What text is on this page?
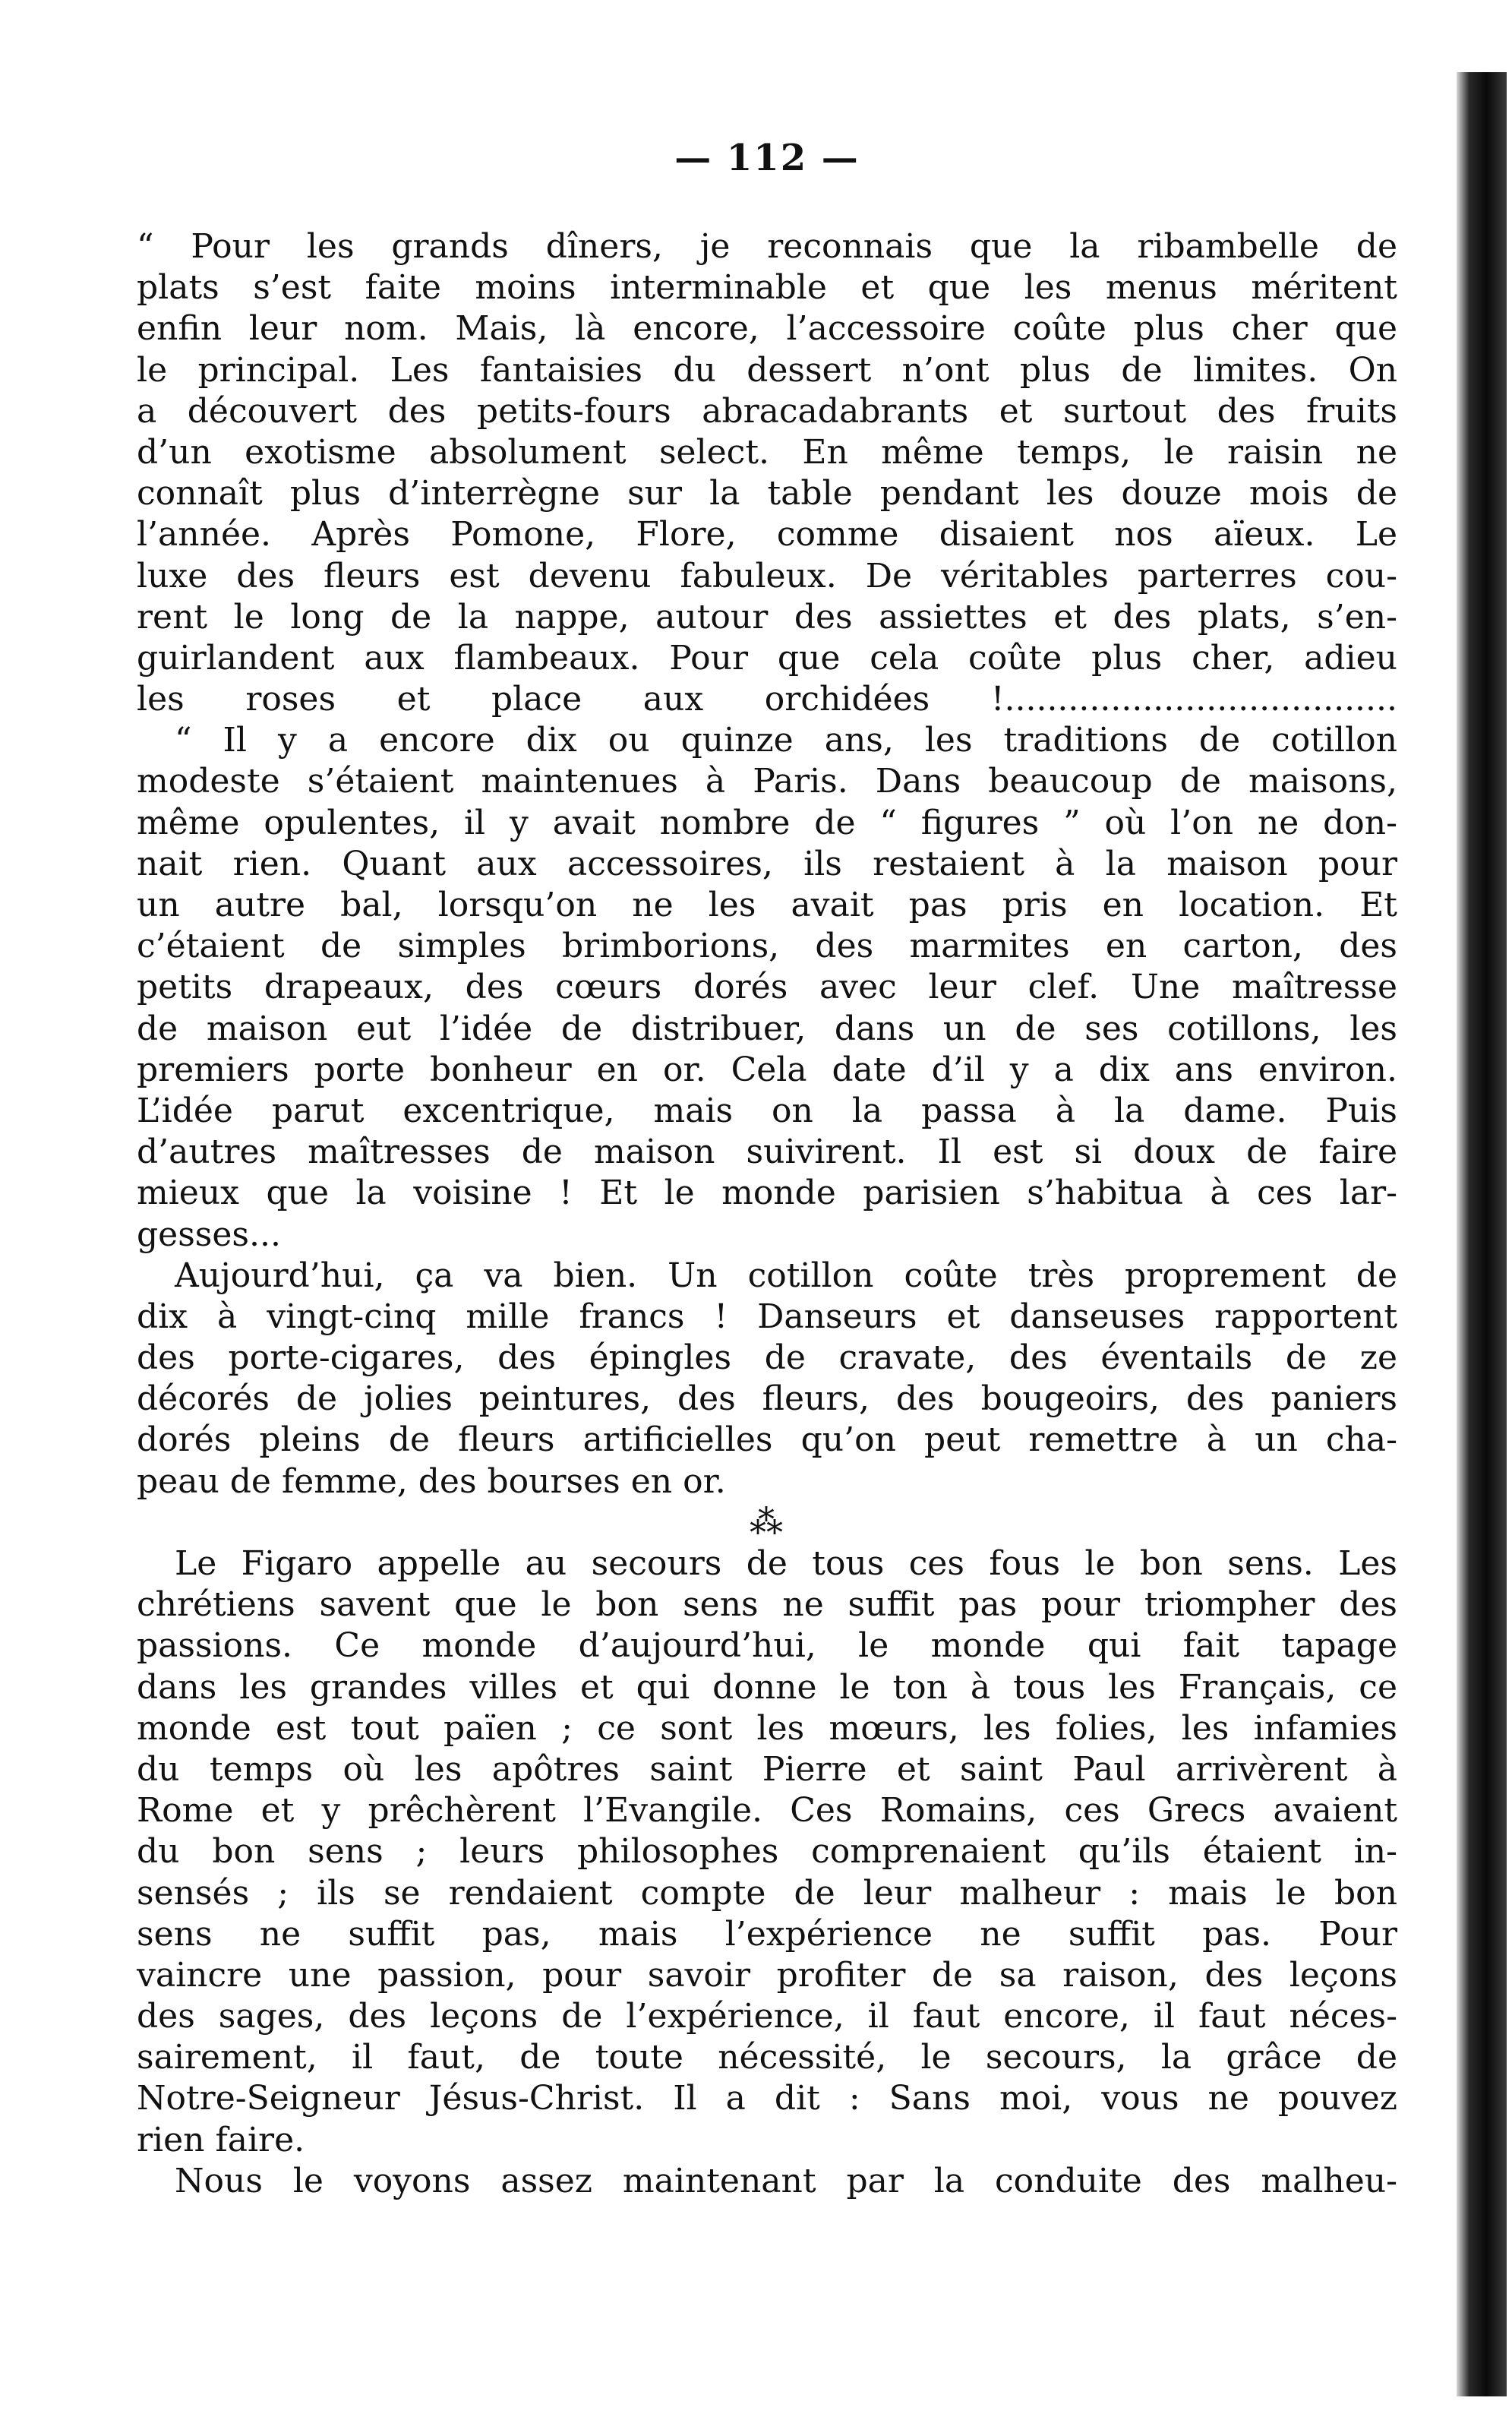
— 112 —
“ Pour les grands dîners, je reconnais que la ribambelle de
plats s’est faite moins interminable et que les menus méritent
enfin leur nom. Mais, là encore, l’accessoire coûte plus cher que
le principal. Les fantaisies du dessert n’ont plus de limites. On
a découvert des petits-fours abracadabrants et surtout des fruits
d’un exotisme absolument select. En même temps, le raisin ne
connaît plus d’interrègne sur la table pendant les douze mois de
l’année. Après Pomone, Flore, comme disaient nos aïeux. Le
luxe des fleurs est devenu fabuleux. De véritables parterres cou-
rent le long de la nappe, autour des assiettes et des plats, s’en-
guirlandent aux flambeaux. Pour que cela coûte plus cher, adieu
les roses et place aux orchidées !.....................................
“ Il y a encore dix ou quinze ans, les traditions de cotillon
modeste s’étaient maintenues à Paris. Dans beaucoup de maisons,
même opulentes, il y avait nombre de “ figures ” où l’on ne don-
nait rien. Quant aux accessoires, ils restaient à la maison pour
un autre bal, lorsqu’on ne les avait pas pris en location. Et
c’étaient de simples brimborions, des marmites en carton, des
petits drapeaux, des cœurs dorés avec leur clef. Une maîtresse
de maison eut l’idée de distribuer, dans un de ses cotillons, les
premiers porte bonheur en or. Cela date d’il y a dix ans environ.
L’idée parut excentrique, mais on la passa à la dame. Puis
d’autres maîtresses de maison suivirent. Il est si doux de faire
mieux que la voisine ! Et le monde parisien s’habitua à ces lar-
gesses...
Aujourd’hui, ça va bien. Un cotillon coûte très proprement de
dix à vingt-cinq mille francs ! Danseurs et danseuses rapportent
des porte-cigares, des épingles de cravate, des éventails de ze
décorés de jolies peintures, des fleurs, des bougeoirs, des paniers
dorés pleins de fleurs artificielles qu’on peut remettre à un cha-
peau de femme, des bourses en or.
⁂
Le Figaro appelle au secours de tous ces fous le bon sens. Les
chrétiens savent que le bon sens ne suffit pas pour triompher des
passions. Ce monde d’aujourd’hui, le monde qui fait tapage
dans les grandes villes et qui donne le ton à tous les Français, ce
monde est tout païen ; ce sont les mœurs, les folies, les infamies
du temps où les apôtres saint Pierre et saint Paul arrivèrent à
Rome et y prêchèrent l’Evangile. Ces Romains, ces Grecs avaient
du bon sens ; leurs philosophes comprenaient qu’ils étaient in-
sensés ; ils se rendaient compte de leur malheur : mais le bon
sens ne suffit pas, mais l’expérience ne suffit pas. Pour
vaincre une passion, pour savoir profiter de sa raison, des leçons
des sages, des leçons de l’expérience, il faut encore, il faut néces-
sairement, il faut, de toute nécessité, le secours, la grâce de
Notre-Seigneur Jésus-Christ. Il a dit : Sans moi, vous ne pouvez
rien faire.
Nous le voyons assez maintenant par la conduite des malheu-
